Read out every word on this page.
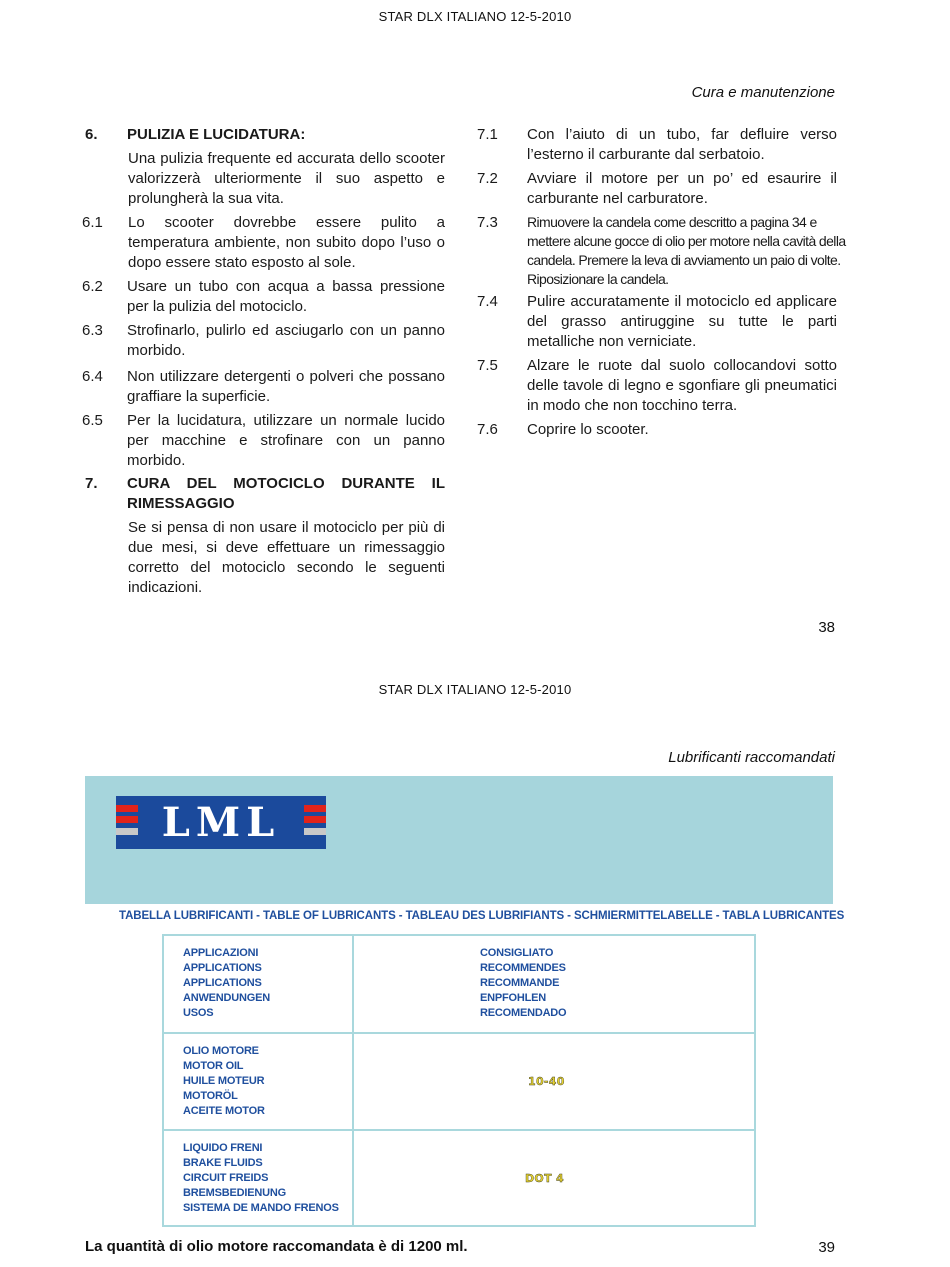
STAR DLX ITALIANO 12-5-2010
Cura e manutenzione
6. PULIZIA E LUCIDATURA:
Una pulizia frequente ed accurata dello scooter valorizzerà ulteriormente il suo aspetto e prolungherà la sua vita.
6.1 Lo scooter dovrebbe essere pulito a temperatura ambiente, non subito dopo l’uso o dopo essere stato esposto al sole.
6.2 Usare un tubo con acqua a bassa pressione per la pulizia del motociclo.
6.3 Strofinarlo, pulirlo ed asciugarlo con un panno morbido.
6.4 Non utilizzare detergenti o polveri che possano graffiare la superficie.
6.5 Per la lucidatura, utilizzare un normale lucido per macchine e strofinare con un panno morbido.
7. CURA DEL MOTOCICLO DURANTE IL RIMESSAGGIO
Se si pensa di non usare il motociclo per più di due mesi, si deve effettuare un rimessaggio corretto del motociclo secondo le seguenti indicazioni.
7.1 Con l’aiuto di un tubo, far defluire verso l’esterno il carburante dal serbatoio.
7.2 Avviare il motore per un po’ ed esaurire il carburante nel carburatore.
7.3 Rimuovere la candela come descritto a pagina 34 e mettere alcune gocce di olio per motore nella cavità della candela. Premere la leva di avviamento un paio di volte. Riposizionare la candela.
7.4 Pulire accuratamente il motociclo ed applicare del grasso antiruggine su tutte le parti metalliche non verniciate.
7.5 Alzare le ruote dal suolo collocandovi sotto delle tavole di legno e sgonfiare gli pneumatici in modo che non tocchino terra.
7.6 Coprire lo scooter.
38
STAR DLX ITALIANO 12-5-2010
Lubrificanti raccomandati
LML
TABELLA LUBRIFICANTI - TABLE OF LUBRICANTS - TABLEAU DES LUBRIFIANTS - SCHMIERMITTELABELLE - TABLA LUBRICANTES
APPLICAZIONI
APPLICATIONS
APPLICATIONS
ANWENDUNGEN
USOS
CONSIGLIATO
RECOMMENDES
RECOMMANDE
ENPFOHLEN
RECOMENDADO
OLIO MOTORE
MOTOR OIL
HUILE MOTEUR
MOTORÖL
ACEITE MOTOR
10-40
LIQUIDO FRENI
BRAKE FLUIDS
CIRCUIT FREIDS
BREMSBEDIENUNG
SISTEMA DE MANDO FRENOS
DOT 4
La quantità di olio motore raccomandata è di 1200 ml.	39
